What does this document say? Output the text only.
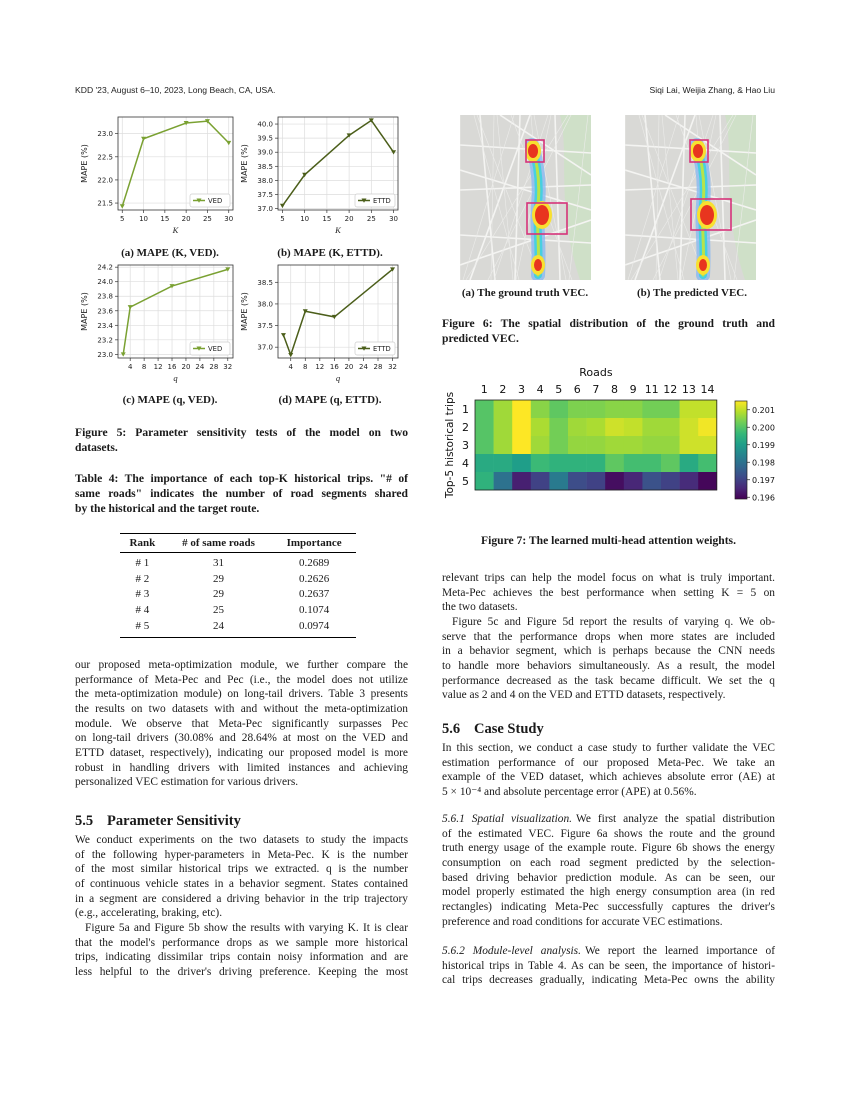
KDD '23, August 6–10, 2023, Long Beach, CA, USA.	Siqi Lai, Weijia Zhang, & Hao Liu
5 10 15 20 25 30
21.5
22.0
22.5
23.0
MAPE (%)
K
VED
5 10 15 20 25 30
37.0
37.5
38.0
38.5
39.0
39.5
40.0
MAPE (%)
K
ETTD
4 8 12 16 20 24 28 32
23.0
23.2
23.4
23.6
23.8
24.0
24.2
MAPE (%)
q
VED
4 8 12 16 20 24 28 32
37.0
37.5
38.0
38.5
MAPE (%)
q
ETTD
(a) MAPE (K, VED).	(b) MAPE (K, ETTD).
(c) MAPE (q, VED).	(d) MAPE (q, ETTD).
Figure 5: Parameter sensitivity tests of the model on two
datasets.
Table 4: The importance of each top-K historical trips. "# of
same roads" indicates the number of road segments shared
by the historical and the target route.
Rank	# of same roads	Importance
# 1	31	0.2689
# 2	29	0.2626
# 3	29	0.2637
# 4	25	0.1074
# 5	24	0.0974
our proposed meta-optimization module, we further compare the
performance of Meta-Pec and Pec (i.e., the model does not utilize
the meta-optimization module) on long-tail drivers. Table 3 presents
the results on two datasets with and without the meta-optimization
module. We observe that Meta-Pec significantly surpasses Pec
on long-tail drivers (30.08% and 28.64% at most on the VED and
ETTD dataset, respectively), indicating our proposed model is more
robust in handling drivers with limited instances and achieving
personalized VEC estimation for various drivers.
5.5 Parameter Sensitivity
We conduct experiments on the two datasets to study the impacts
of the following hyper-parameters in Meta-Pec. K is the number
of the most similar historical trips we extracted. q is the number
of continuous vehicle states in a behavior segment. States contained
in a segment are considered a driving behavior in the trip trajectory
(e.g., accelerating, braking, etc).
Figure 5a and Figure 5b show the results with varying K. It is clear
that the model's performance drops as we sample more historical
trips, indicating dissimilar trips contain noisy information and are
less helpful to the driver's driving preference. Keeping the most
(a) The ground truth VEC.	(b) The predicted VEC.
Figure 6: The spatial distribution of the ground truth and
predicted VEC.
Roads
1 2 3 4 5 6 7 8 9 11 12 13 14
1
2
3
4
5
Top-5 historical trips	0.201
0.200
0.199
0.198
0.197
0.196
Figure 7: The learned multi-head attention weights.
relevant trips can help the model focus on what is truly important.
Meta-Pec achieves the best performance when setting K = 5 on
the two datasets.
Figure 5c and Figure 5d report the results of varying q. We ob-
serve that the performance drops when more states are included
in a behavior segment, which is perhaps because the CNN needs
to handle more behaviors simultaneously. As a result, the model
performance decreased as the task became difficult. We set the q
value as 2 and 4 on the VED and ETTD datasets, respectively.
5.6 Case Study
In this section, we conduct a case study to further validate the VEC
estimation performance of our proposed Meta-Pec. We take an
example of the VED dataset, which achieves absolute error (AE) at
5 × 10⁻⁴ and absolute percentage error (APE) at 0.56%.
5.6.1 Spatial visualization. We first analyze the spatial distribution
of the estimated VEC. Figure 6a shows the route and the ground
truth energy usage of the example route. Figure 6b shows the energy
consumption on each road segment predicted by the selection-
based driving behavior prediction module. As can be seen, our
model properly estimated the high energy consumption area (in red
rectangles) indicating Meta-Pec successfully captures the driver's
preference and road conditions for accurate VEC estimations.
5.6.2 Module-level analysis. We report the learned importance of
historical trips in Table 4. As can be seen, the importance of histori-
cal trips decreases gradually, indicating Meta-Pec owns the ability
